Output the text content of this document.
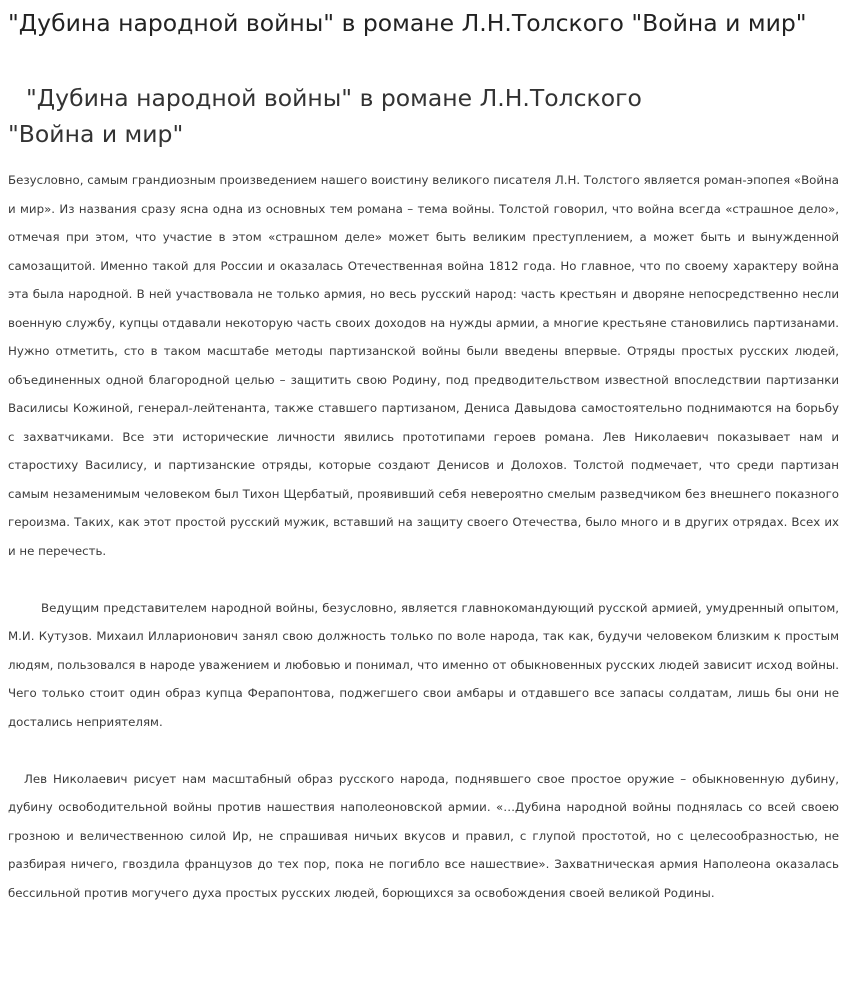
"Дубина народной войны" в романе Л.Н.Толского "Война и мир"
"Дубина народной войны" в романе Л.Н.Толского
"Война и мир"

Безусловно, самым грандиозным произведением нашего воистину великого писателя Л.Н. Толстого является роман-эпопея «Война и мир». Из названия сразу ясна одна из основных тем романа – тема войны. Толстой говорил, что война всегда «страшное дело», отмечая при этом, что участие в этом «страшном деле» может быть великим преступлением, а может быть и вынужденной самозащитой. Именно такой для России и оказалась Отечественная война 1812 года. Но главное, что по своему характеру война эта была народной. В ней участвовала не только армия, но весь русский народ: часть крестьян и дворяне непосредственно несли военную службу, купцы отдавали некоторую часть своих доходов на нужды армии, а многие крестьяне становились партизанами. Нужно отметить, сто в таком масштабе методы партизанской войны были введены впервые. Отряды простых русских людей, объединенных одной благородной целью – защитить свою Родину, под предводительством известной впоследствии партизанки Василисы Кожиной, генерал-лейтенанта, также ставшего партизаном, Дениса Давыдова самостоятельно поднимаются на борьбу с захватчиками. Все эти исторические личности явились прототипами героев романа. Лев Николаевич показывает нам и старостиху Василису, и партизанские отряды, которые создают Денисов и Долохов. Толстой подмечает, что среди партизан самым незаменимым человеком был Тихон Щербатый, проявивший себя невероятно смелым разведчиком без внешнего показного героизма. Таких, как этот простой русский мужик, вставший на защиту своего Отечества, было много и в других отрядах. Всех их и не перечесть.

Ведущим представителем народной войны, безусловно, является главнокомандующий русской армией, умудренный опытом, М.И. Кутузов. Михаил Илларионович занял свою должность только по воле народа, так как, будучи человеком близким к простым людям, пользовался в народе уважением и любовью и понимал, что именно от обыкновенных русских людей зависит исход войны. Чего только стоит один образ купца Ферапонтова, поджегшего свои амбары и отдавшего все запасы солдатам, лишь бы они не достались неприятелям.

Лев Николаевич рисует нам масштабный образ русского народа, поднявшего свое простое оружие – обыкновенную дубину, дубину освободительной войны против нашествия наполеоновской армии. «…Дубина народной войны поднялась со всей своею грозною и величественною силой Ир, не спрашивая ничьих вкусов и правил, с глупой простотой, но с целесообразностью, не разбирая ничего, гвоздила французов до тех пор, пока не погибло все нашествие». Захватническая армия Наполеона оказалась бессильной против могучего духа простых русских людей, борющихся за освобождения своей великой Родины.
